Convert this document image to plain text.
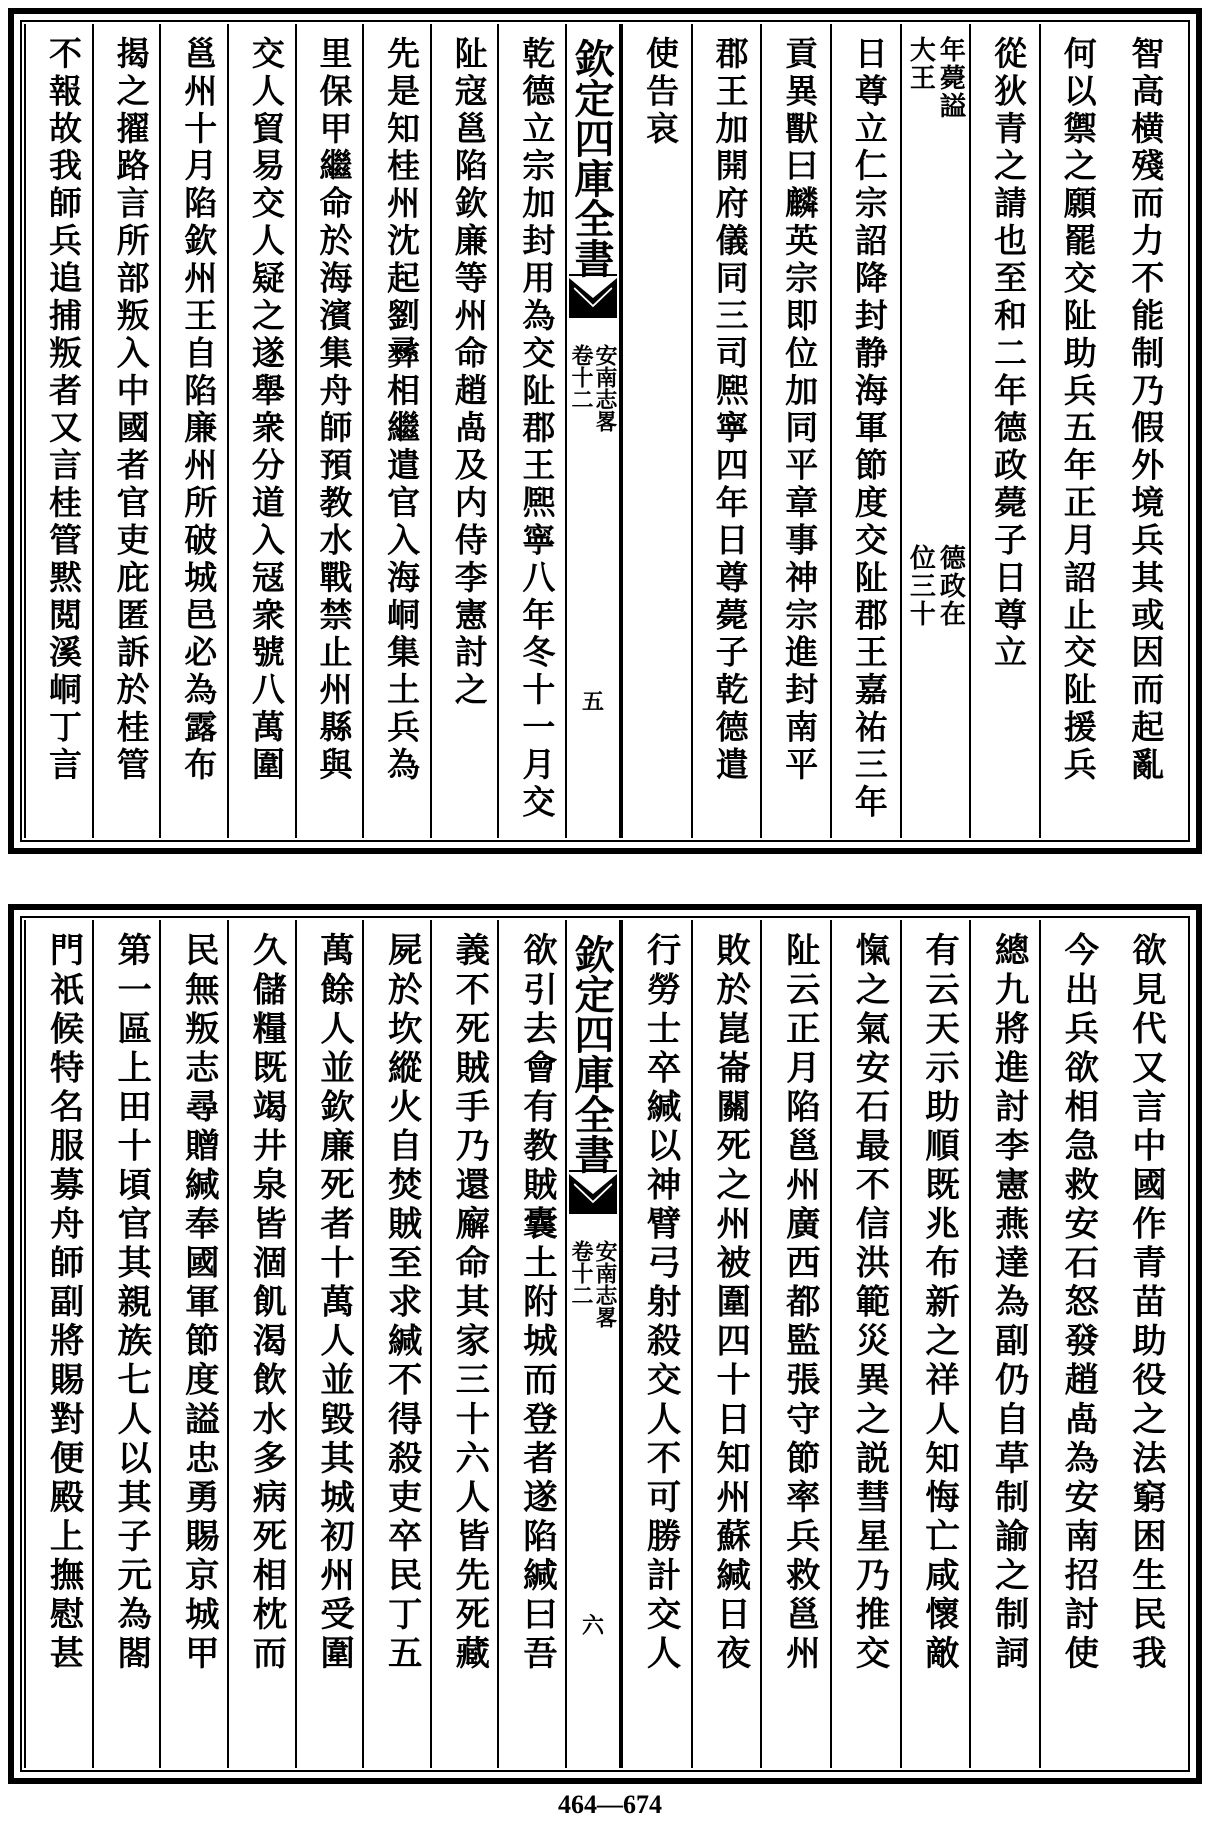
智高横殘而力不能制乃假外境兵其或因而起亂
何以禦之願罷交阯助兵五年正月詔止交阯援兵
從狄青之請也至和二年德政薨子日尊立
年薨謚
大王
德政在
位三十
日尊立仁宗詔降封静海軍節度交阯郡王嘉祐三年
貢異獸曰麟英宗即位加同平章事神宗進封南平
郡王加開府儀同三司熈寧四年日尊薨子乾德遣
使告哀
欽定四庫全書
安南志畧
卷十二
五
乾德立宗加封用為交阯郡王熈寧八年冬十一月交
阯寇邕陷欽廉等州命趙卨及内侍李憲討之
先是知桂州沈起劉彞相繼遣官入海峒集土兵為
里保甲繼命於海濱集舟師預教水戰禁止州縣與
交人貿易交人疑之遂舉衆分道入冦衆號八萬圍
邕州十月陷欽州王自陷廉州所破城邑必為露布
揭之擢路言所部叛入中國者官吏庇匿訴於桂管
不報故我師兵追捕叛者又言桂管黙閲溪峒丁言
欲見代又言中國作青苗助役之法窮困生民我
今出兵欲相急救安石怒發趙卨為安南招討使
總九將進討李憲燕達為副仍自草制諭之制詞
有云天示助順既兆布新之祥人知悔亡咸懷敵
愾之氣安石最不信洪範災異之説彗星乃推交
阯云正月陷邕州廣西都監張守節率兵救邕州
敗於崑崙關死之州被圍四十日知州蘇緘日夜
行勞士卒緘以神臂弓射殺交人不可勝計交人
欽定四庫全書
安南志畧
卷十二
六
欲引去會有教賊囊土附城而登者遂陷緘曰吾
義不死賊手乃還廨命其家三十六人皆先死藏
屍於坎縱火自焚賊至求緘不得殺吏卒民丁五
萬餘人並欽廉死者十萬人並毀其城初州受圍
久儲糧既竭井泉皆涸飢渴飲水多病死相枕而
民無叛志尋贈緘奉國軍節度謚忠勇賜京城甲
第一區上田十頃官其親族七人以其子元為閤
門祇候特名服募舟師副將賜對便殿上撫慰甚
464—674
